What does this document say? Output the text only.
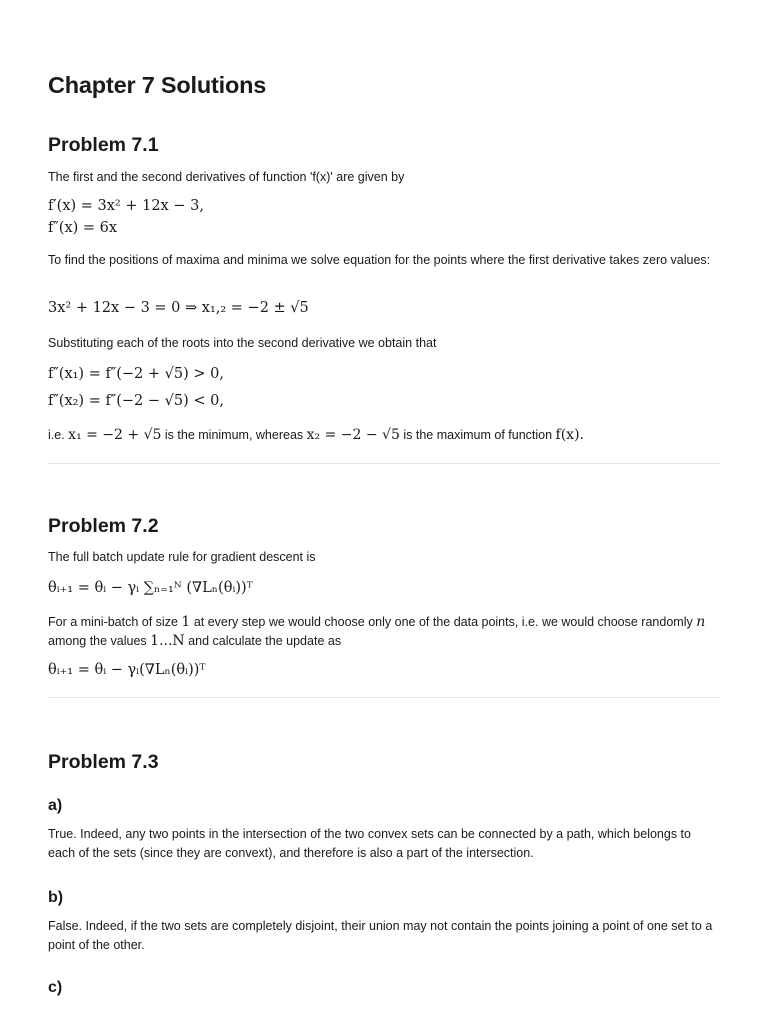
Chapter 7 Solutions
Problem 7.1

The first and the second derivatives of function 'f(x)' are given by

f′(x) = 3x² + 12x − 3,
f″(x) = 6x

To find the positions of maxima and minima we solve equation for the points where the first derivative takes zero values:

3x² + 12x − 3 = 0 ⇒ x₁,₂ = −2 ± √5

Substituting each of the roots into the second derivative we obtain that

f″(x₁) = f″(−2 + √5) > 0,
f″(x₂) = f″(−2 − √5) < 0,

i.e. x₁ = −2 + √5 is the minimum, whereas x₂ = −2 − √5 is the maximum of function f(x).

Problem 7.2

The full batch update rule for gradient descent is

θᵢ₊₁ = θᵢ − γᵢ ∑ₙ₌₁ᴺ (∇Lₙ(θᵢ))ᵀ

For a mini-batch of size 1 at every step we would choose only one of the data points, i.e. we would choose randomly n among the values 1...N and calculate the update as

θᵢ₊₁ = θᵢ − γᵢ(∇Lₙ(θᵢ))ᵀ
Problem 7.3
a)

True. Indeed, any two points in the intersection of the two convex sets can be connected by a path, which belongs to each of the sets (since they are convext), and therefore is also a part of the intersection.

b)

False. Indeed, if the two sets are completely disjoint, their union may not contain the points joining a point of one set to a point of the other.

c)
